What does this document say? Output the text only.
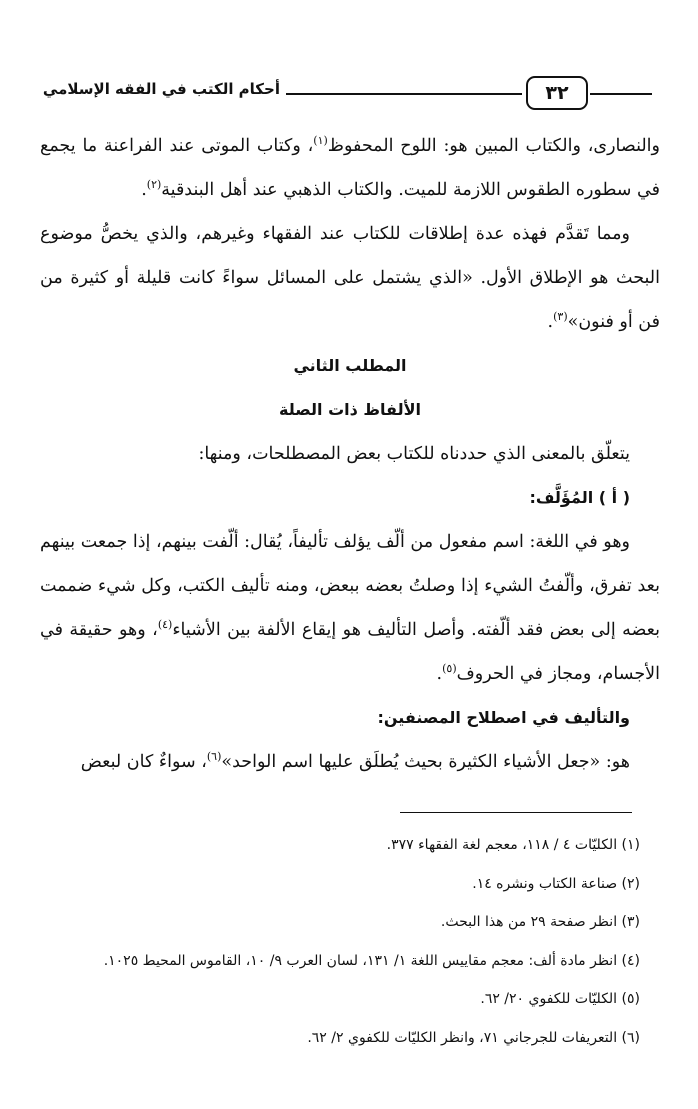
أحكام الكتب في الفقه الإسلامي	٣٢

والنصارى، والكتاب المبين هو: اللوح المحفوظ$^{(١)}$، وكتاب الموتى عند الفراعنة ما يجمع في سطوره الطقوس اللازمة للميت. والكتاب الذهبي عند أهل البندقية$^{(٢)}$.

ومما تَقدَّم فهذه عدة إطلاقات للكتاب عند الفقهاء وغيرهم، والذي يخصُّ موضوع البحث هو الإطلاق الأول. «الذي يشتمل على المسائل سواءً كانت قليلة أو كثيرة من فن أو فنون»$^{(٣)}$.

المطلب الثاني

الألفاظ ذات الصلة

يتعلّق بالمعنى الذي حددناه للكتاب بعض المصطلحات، ومنها:

( أ ) المُؤَلَّف:

وهو في اللغة: اسم مفعول من ألّف يؤلف تأليفاً، يُقال: ألّفت بينهم، إذا جمعت بينهم بعد تفرق، وألّفتُ الشيء إذا وصلتُ بعضه ببعض، ومنه تأليف الكتب، وكل شيء ضممت بعضه إلى بعض فقد ألّفته. وأصل التأليف هو إيقاع الألفة بين الأشياء$^{(٤)}$، وهو حقيقة في الأجسام، ومجاز في الحروف$^{(٥)}$.

والتأليف في اصطلاح المصنفين:

هو: «جعل الأشياء الكثيرة بحيث يُطلَق عليها اسم الواحد»$^{(٦)}$، سواءٌ كان لبعض

(١) الكليّات ٤ / ١١٨، معجم لغة الفقهاء ٣٧٧.

(٢) صناعة الكتاب ونشره ١٤.

(٣) انظر صفحة ٢٩ من هذا البحث.

(٤) انظر مادة ألف: معجم مقاييس اللغة ١/ ١٣١، لسان العرب ٩/ ١٠، القاموس المحيط ١٠٢٥.

(٥) الكليّات للكفوي ٢٠/ ٦٢.

(٦) التعريفات للجرجاني ٧١، وانظر الكليّات للكفوي ٢/ ٦٢.
